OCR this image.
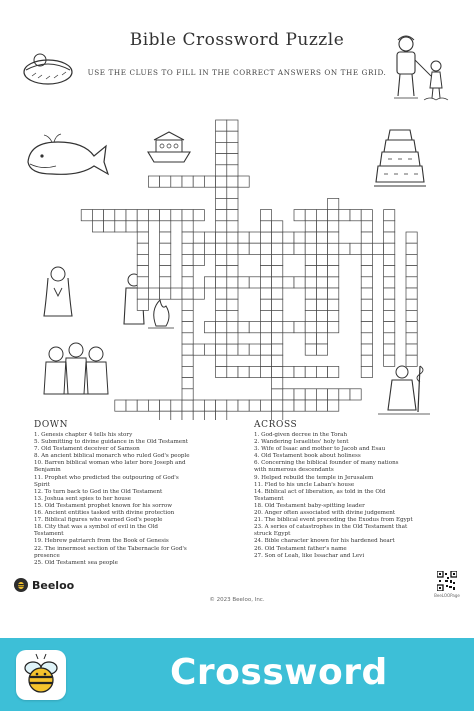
Bible Crossword Puzzle
USE THE CLUES TO FILL IN THE CORRECT ANSWERS ON THE GRID.
DOWN
1. Genesis chapter 4 tells his story
5. Submitting to divine guidance in the Old Testament
7. Old Testament deceiver of Samson
8. An ancient biblical monarch who ruled God's people
10. Barren biblical woman who later bore Joseph and
Benjamin
11. Prophet who predicted the outpouring of God's
Spirit
12. To turn back to God in the Old Testament
13. Joshua sent spies to her house
15. Old Testament prophet known for his sorrow
16. Ancient entities tasked with divine protection
17. Biblical figures who warned God's people
18. City that was a symbol of evil in the Old
Testament
19. Hebrew patriarch from the Book of Genesis
22. The innermost section of the Tabernacle for God's
presence
25. Old Testament sea people
ACROSS
1. God-given decree in the Torah
2. Wandering Israelites' holy tent
3. Wife of Isaac and mother to Jacob and Esau
4. Old Testament book about holiness
6. Concerning the biblical founder of many nations
with numerous descendants
9. Helped rebuild the temple in Jerusalem
11. Fled to his uncle Laban's house
14. Biblical act of liberation, as told in the Old
Testament
18. Old Testament baby-spitting leader
20. Anger often associated with divine judgement
21. The biblical event preceding the Exodus from Egypt
23. A series of catastrophes in the Old Testament that
struck Egypt
24. Bible character known for his hardened heart
26. Old Testament father's name
27. Son of Leah, like Issachar and Levi
Beeloo
© 2023 Beeloo, Inc.
BeeLOOPage
Crossword
